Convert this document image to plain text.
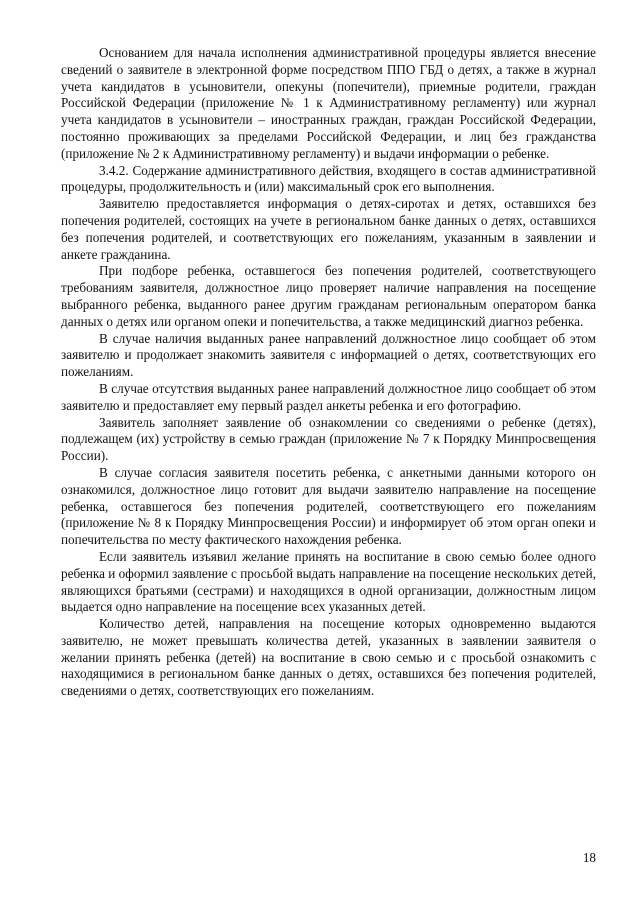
Основанием для начала исполнения административной процедуры является внесение сведений о заявителе в электронной форме посредством ППО ГБД о детях, а также в журнал учета кандидатов в усыновители, опекуны (попечители), приемные родители, граждан Российской Федерации (приложение № 1 к Административному регламенту) или журнал учета кандидатов в усыновители – иностранных граждан, граждан Российской Федерации, постоянно проживающих за пределами Российской Федерации, и лиц без гражданства (приложение № 2 к Административному регламенту) и выдачи информации о ребенке.

3.4.2. Содержание административного действия, входящего в состав административной процедуры, продолжительность и (или) максимальный срок его выполнения.

Заявителю предоставляется информация о детях-сиротах и детях, оставшихся без попечения родителей, состоящих на учете в региональном банке данных о детях, оставшихся без попечения родителей, и соответствующих его пожеланиям, указанным в заявлении и анкете гражданина.

При подборе ребенка, оставшегося без попечения родителей, соответствующего требованиям заявителя, должностное лицо проверяет наличие направления на посещение выбранного ребенка, выданного ранее другим гражданам региональным оператором банка данных о детях или органом опеки и попечительства, а также медицинский диагноз ребенка.

В случае наличия выданных ранее направлений должностное лицо сообщает об этом заявителю и продолжает знакомить заявителя с информацией о детях, соответствующих его пожеланиям.

В случае отсутствия выданных ранее направлений должностное лицо сообщает об этом заявителю и предоставляет ему первый раздел анкеты ребенка и его фотографию.

Заявитель заполняет заявление об ознакомлении со сведениями о ребенке (детях), подлежащем (их) устройству в семью граждан (приложение № 7 к Порядку Минпросвещения России).

В случае согласия заявителя посетить ребенка, с анкетными данными которого он ознакомился, должностное лицо готовит для выдачи заявителю направление на посещение ребенка, оставшегося без попечения родителей, соответствующего его пожеланиям (приложение № 8 к Порядку Минпросвещения России) и информирует об этом орган опеки и попечительства по месту фактического нахождения ребенка.

Если заявитель изъявил желание принять на воспитание в свою семью более одного ребенка и оформил заявление с просьбой выдать направление на посещение нескольких детей, являющихся братьями (сестрами) и находящихся в одной организации, должностным лицом выдается одно направление на посещение всех указанных детей.

Количество детей, направления на посещение которых одновременно выдаются заявителю, не может превышать количества детей, указанных в заявлении заявителя о желании принять ребенка (детей) на воспитание в свою семью и с просьбой ознакомить с находящимися в региональном банке данных о детях, оставшихся без попечения родителей, сведениями о детях, соответствующих его пожеланиям.

18
